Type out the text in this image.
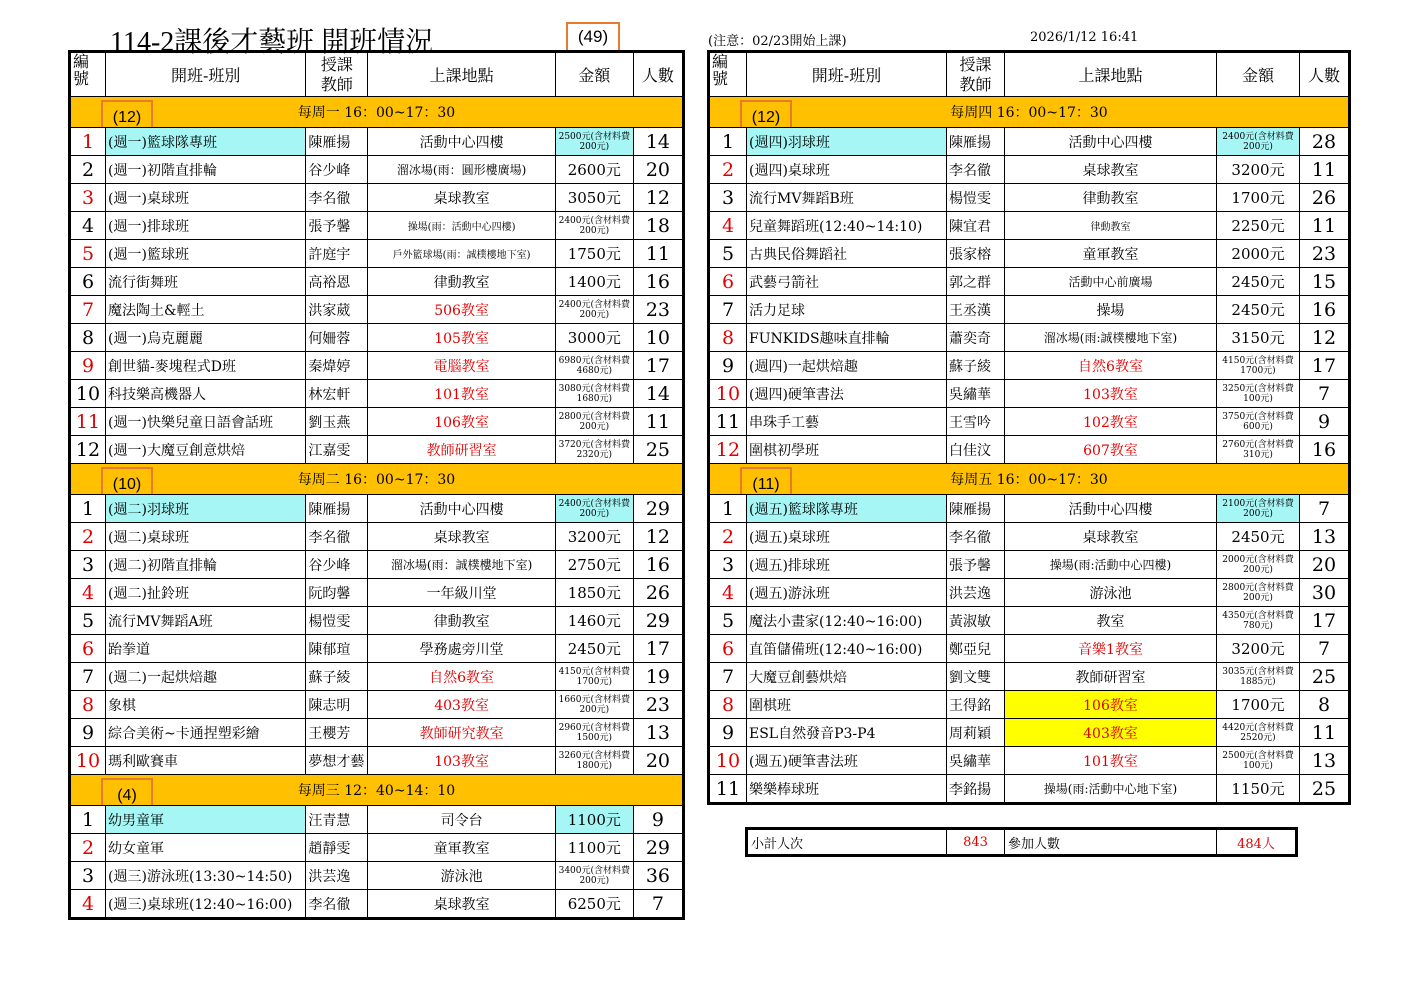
114-2課後才藝班 開班情況	(49)	(注意：02/23開始上課)	2026/1/12 16:41
編
號	開班-班別	授課
教師	上課地點	金額	人數

(12) 每周一 16：00~17：30					
1	(週一)籃球隊專班	陳雁揚	活動中心四樓	2500元(含材料費200元)	14
2	(週一)初階直排輪	谷少峰	溜冰場(雨：圓形樓廣場)	2600元	20
3	(週一)桌球班	李名徹	桌球教室	3050元	12
4	(週一)排球班	張予馨	操場(雨：活動中心四樓)	2400元(含材料費200元)	18
5	(週一)籃球班	許庭宇	戶外籃球場(雨：誠樸樓地下室)	1750元	11
6	流行街舞班	高裕恩	律動教室	1400元	16
7	魔法陶土&輕土	洪家葳	506教室	2400元(含材料費200元)	23
8	(週一)烏克麗麗	何姍蓉	105教室	3000元	10
9	創世貓-麥塊程式D班	秦煒婷	電腦教室	6980元(含材料費4680元)	17
10	科技樂高機器人	林宏軒	101教室	3080元(含材料費1680元)	14
11	(週一)快樂兒童日語會話班	劉玉燕	106教室	2800元(含材料費200元)	11
12	(週一)大魔豆創意烘焙	江嘉雯	教師研習室	3720元(含材料費2320元)	25

(10) 每周二 16：00~17：30					
1	(週二)羽球班	陳雁揚	活動中心四樓	2400元(含材料費200元)	29
2	(週二)桌球班	李名徹	桌球教室	3200元	12
3	(週二)初階直排輪	谷少峰	溜冰場(雨：誠樸樓地下室)	2750元	16
4	(週二)扯鈴班	阮昀馨	一年級川堂	1850元	26
5	流行MV舞蹈A班	楊愷雯	律動教室	1460元	29
6	跆拳道	陳郁瑄	學務處旁川堂	2450元	17
7	(週二)一起烘焙趣	蘇子綾	自然6教室	4150元(含材料費1700元)	19
8	象棋	陳志明	403教室	1660元(含材料費200元)	23
9	綜合美術~卡通捏塑彩繪	王櫻芳	教師研究教室	2960元(含材料費1500元)	13
10	瑪利歐賽車	夢想才藝	103教室	3260元(含材料費1800元)	20

(4) 每周三 12：40~14：10					
1	幼男童軍	汪青慧	司令台	1100元	9
2	幼女童軍	趙靜雯	童軍教室	1100元	29
3	(週三)游泳班(13:30~14:50)	洪芸逸	游泳池	3400元(含材料費200元)	36
4	(週三)桌球班(12:40~16:00)	李名徹	桌球教室	6250元	7
編
號	開班-班別	授課
教師	上課地點	金額	人數

(12) 每周四 16：00~17：30					
1	(週四)羽球班	陳雁揚	活動中心四樓	2400元(含材料費200元)	28
2	(週四)桌球班	李名徹	桌球教室	3200元	11
3	流行MV舞蹈B班	楊愷雯	律動教室	1700元	26
4	兒童舞蹈班(12:40~14:10)	陳宜君	律動教室	2250元	11
5	古典民俗舞蹈社	張家榕	童軍教室	2000元	23
6	武藝弓箭社	郭之群	活動中心前廣場	2450元	15
7	活力足球	王丞漢	操場	2450元	16
8	FUNKIDS趣味直排輪	蕭奕奇	溜冰場(雨:誠樸樓地下室)	3150元	12
9	(週四)一起烘焙趣	蘇子綾	自然6教室	4150元(含材料費1700元)	17
10	(週四)硬筆書法	吳繡華	103教室	3250元(含材料費100元)	7
11	串珠手工藝	王雪吟	102教室	3750元(含材料費600元)	9
12	圍棋初學班	白佳汶	607教室	2760元(含材料費310元)	16

(11) 每周五 16：00~17：30					
1	(週五)籃球隊專班	陳雁揚	活動中心四樓	2100元(含材料費200元)	7
2	(週五)桌球班	李名徹	桌球教室	2450元	13
3	(週五)排球班	張予馨	操場(雨:活動中心四樓)	2000元(含材料費200元)	20
4	(週五)游泳班	洪芸逸	游泳池	2800元(含材料費200元)	30
5	魔法小畫家(12:40~16:00)	黃淑敏	教室	4350元(含材料費780元)	17
6	直笛儲備班(12:40~16:00)	鄭亞兒	音樂1教室	3200元	7
7	大魔豆創藝烘焙	劉文雙	教師研習室	3035元(含材料費1885元)	25
8	圍棋班	王得銘	106教室	1700元	8
9	ESL自然發音P3-P4	周莉穎	403教室	4420元(含材料費2520元)	11
10	(週五)硬筆書法班	吳繡華	101教室	2500元(含材料費100元)	13
11	樂樂棒球班	李銘揚	操場(雨:活動中心地下室)	1150元	25
小計人次	843	參加人數	484人
